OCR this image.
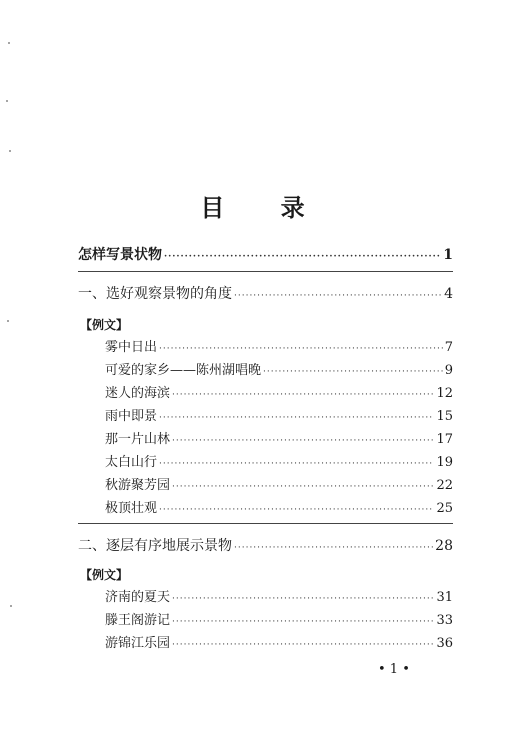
目 录
怎样写景状物 ·····	1
一、选好观察景物的角度 ·····	4
【例文】
雾中日出 ·····	7
可爱的家乡——陈州湖唱晚 ·····	9
迷人的海滨 ·····	12
雨中即景 ·····	15
那一片山林 ·····	17
太白山行 ·····	19
秋游聚芳园 ·····	22
极顶壮观 ·····	25
二、逐层有序地展示景物 ·····	28
【例文】
济南的夏天 ·····	31
滕王阁游记 ·····	33
游锦江乐园 ·····	36
• 1 •
